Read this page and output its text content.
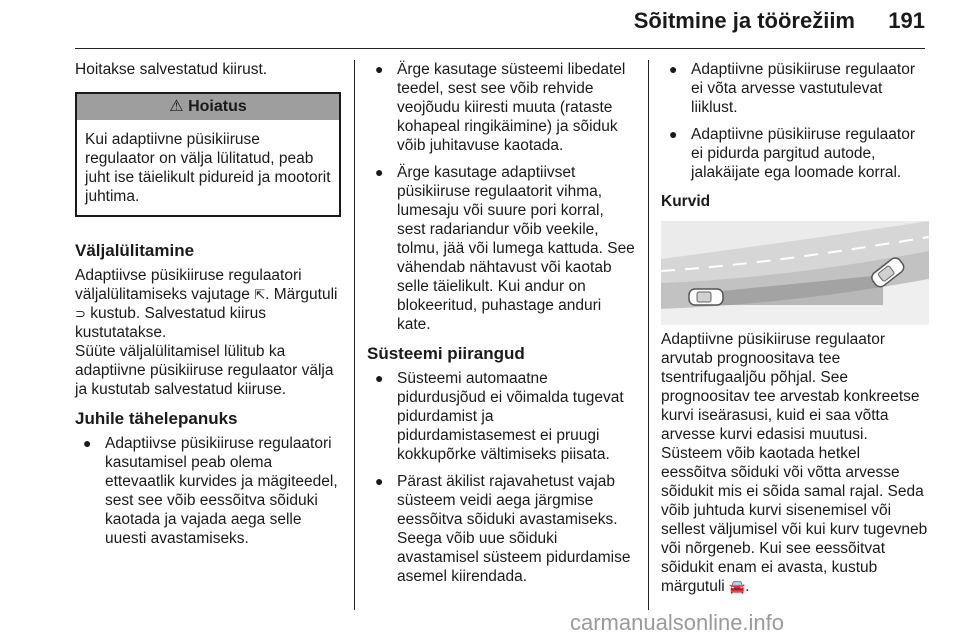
Sõitmine ja töörežiim 191

Hoitakse salvestatud kiirust.

⚠ Hoiatus
Kui adaptiivne püsikiiruse regulaator on välja lülitatud, peab juht ise täielikult pidureid ja mootorit juhtima.
Väljalülitamine

Adaptiivse püsikiiruse regulaatori väljalülitamiseks vajutage ⇱. Märgutuli ⊃ kustub. Salvestatud kiirus kustutatakse.

Süüte väljalülitamisel lülitub ka adaptiivne püsikiiruse regulaator välja ja kustutab salvestatud kiiruse.

Juhile tähelepanuks
● Adaptiivse püsikiiruse regulaatori kasutamisel peab olema ettevaatlik kurvides ja mägiteedel, sest see võib eessõitva sõiduki kaotada ja vajada aega selle uuesti avastamiseks.
● Ärge kasutage süsteemi libedatel teedel, sest see võib rehvide veojõudu kiiresti muuta (rataste kohapeal ringikäimine) ja sõiduk võib juhitavuse kaotada.
● Ärge kasutage adaptiivset püsikiiruse regulaatorit vihma, lumesaju või suure pori korral, sest radariandur võib veekile, tolmu, jää või lumega kattuda. See vähendab nähtavust või kaotab selle täielikult. Kui andur on blokeeritud, puhastage anduri kate.
Süsteemi piirangud
● Süsteemi automaatne pidurdusjõud ei võimalda tugevat pidurdamist ja pidurdamistasemest ei pruugi kokkupõrke vältimiseks piisata.
● Pärast äkilist rajavahetust vajab süsteem veidi aega järgmise eessõitva sõiduki avastamiseks. Seega võib uue sõiduki avastamisel süsteem pidurdamise asemel kiirendada.
● Adaptiivne püsikiiruse regulaator ei võta arvesse vastutulevat liiklust.
● Adaptiivne püsikiiruse regulaator ei pidurda pargitud autode, jalakäijate ega loomade korral.
Kurvid

Adaptiivne püsikiiruse regulaator arvutab prognoositava tee tsentrifugaaljõu põhjal. See prognoositav tee arvestab konkreetse kurvi iseärasusi, kuid ei saa võtta arvesse kurvi edasisi muutusi. Süsteem võib kaotada hetkel eessõitva sõiduki või võtta arvesse sõidukit mis ei sõida samal rajal. Seda võib juhtuda kurvi sisenemisel või sellest väljumisel või kui kurv tugevneb või nõrgeneb. Kui see eessõitvat sõidukit enam ei avasta, kustub märgutuli 🚘.

carmanualsonline.info
